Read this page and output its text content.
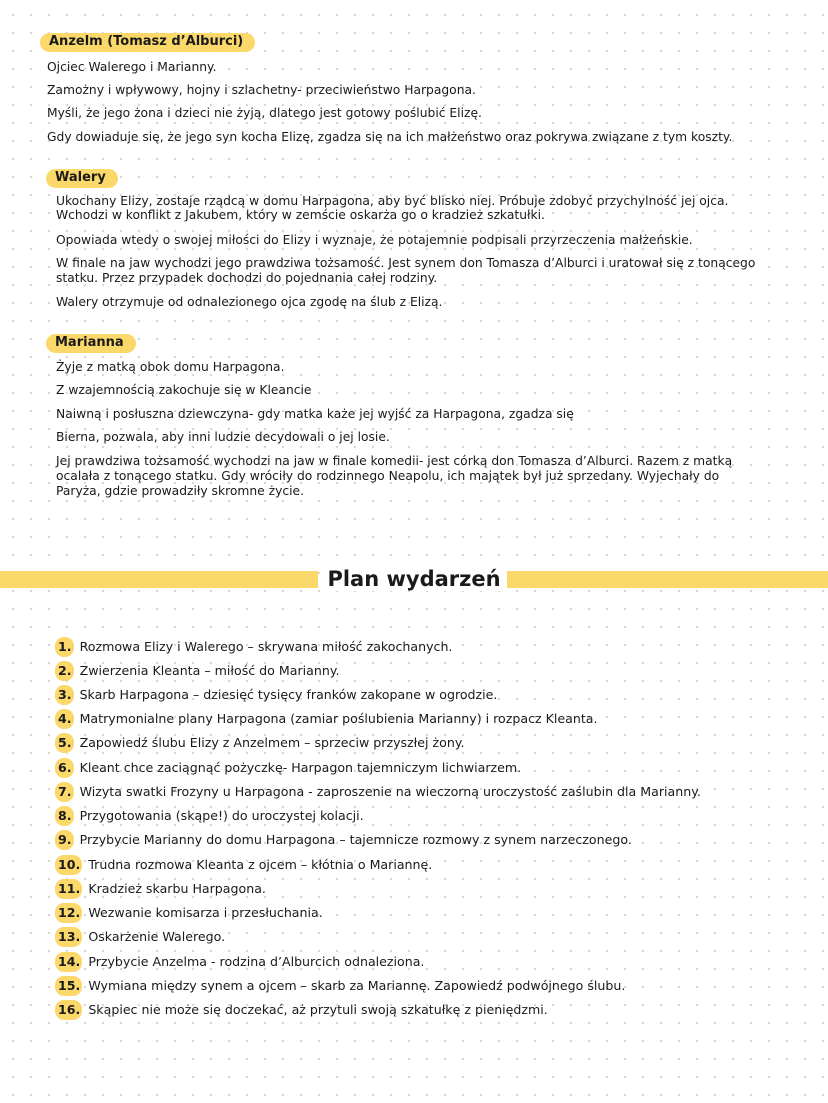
Anzelm (Tomasz d’Alburci)
Ojciec Walerego i Marianny.
Zamożny i wpływowy, hojny i szlachetny- przeciwieństwo Harpagona.
Myśli, że jego żona i dzieci nie żyją, dlatego jest gotowy poślubić Elizę.
Gdy dowiaduje się, że jego syn kocha Elizę, zgadza się na ich małżeństwo oraz pokrywa związane z tym koszty.
Walery
Ukochany Elizy, zostaje rządcą w domu Harpagona, aby być blisko niej. Próbuje zdobyć przychylność jej ojca.
Wchodzi w konflikt z Jakubem, który w zemście oskarża go o kradzież szkatułki.
Opowiada wtedy o swojej miłości do Elizy i wyznaje, że potajemnie podpisali przyrzeczenia małżeńskie.
W finale na jaw wychodzi jego prawdziwa tożsamość. Jest synem don Tomasza d’Alburci i uratował się z tonącego
statku. Przez przypadek dochodzi do pojednania całej rodziny.
Walery otrzymuje od odnalezionego ojca zgodę na ślub z Elizą.
Marianna
Żyje z matką obok domu Harpagona.
Z wzajemnością zakochuje się w Kleancie
Naiwną i posłuszna dziewczyna- gdy matka każe jej wyjść za Harpagona, zgadza się
Bierna, pozwala, aby inni ludzie decydowali o jej losie.
Jej prawdziwa tożsamość wychodzi na jaw w finale komedii- jest córką don Tomasza d’Alburci. Razem z matką
ocalała z tonącego statku. Gdy wróciły do rodzinnego Neapolu, ich majątek był już sprzedany. Wyjechały do
Paryża, gdzie prowadziły skromne życie.
Plan wydarzeń
1. Rozmowa Elizy i Walerego – skrywana miłość zakochanych.
2. Zwierzenia Kleanta – miłość do Marianny.
3. Skarb Harpagona – dziesięć tysięcy franków zakopane w ogrodzie.
4. Matrymonialne plany Harpagona (zamiar poślubienia Marianny) i rozpacz Kleanta.
5. Zapowiedź ślubu Elizy z Anzelmem – sprzeciw przyszłej żony.
6. Kleant chce zaciągnąć pożyczkę- Harpagon tajemniczym lichwiarzem.
7. Wizyta swatki Frozyny u Harpagona - zaproszenie na wieczorną uroczystość zaślubin dla Marianny.
8. Przygotowania (skąpe!) do uroczystej kolacji.
9. Przybycie Marianny do domu Harpagona – tajemnicze rozmowy z synem narzeczonego.
10. Trudna rozmowa Kleanta z ojcem – kłótnia o Mariannę.
11. Kradzież skarbu Harpagona.
12. Wezwanie komisarza i przesłuchania.
13. Oskarżenie Walerego.
14. Przybycie Anzelma - rodzina d’Alburcich odnaleziona.
15. Wymiana między synem a ojcem – skarb za Mariannę. Zapowiedź podwójnego ślubu.
16. Skąpiec nie może się doczekać, aż przytuli swoją szkatułkę z pieniędzmi.
